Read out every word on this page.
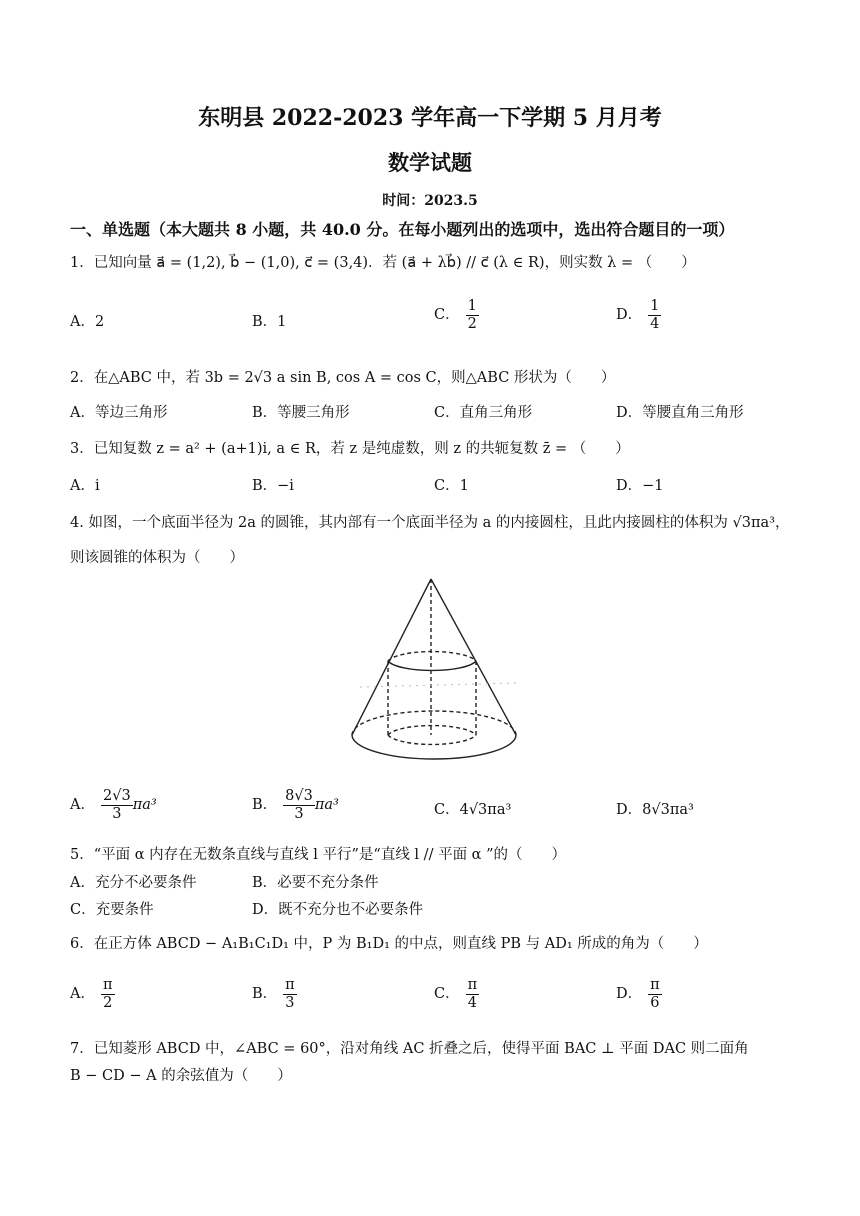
东明县 2022-2023 学年高一下学期 5 月月考
数学试题
时间：2023.5
一、单选题（本大题共 8 小题，共 40.0 分。在每小题列出的选项中，选出符合题目的一项）
1．已知向量 a⃗ = (1,2), b⃗ − (1,0), c⃗ = (3,4)．若 (a⃗ + λb⃗) // c⃗ (λ ∈ R)，则实数 λ = （　　）
A．2	B．1	C． $\frac{1}{2}$	D． $\frac{1}{4}$
2．在△ABC 中，若 3b = 2√3 a sin B, cos A = cos C，则△ABC 形状为（　　）
A．等边三角形	B．等腰三角形	C．直角三角形	D．等腰直角三角形
3．已知复数 z = a² + (a+1)i, a ∈ R，若 z 是纯虚数，则 z 的共轭复数 z̄ = （　　）
A．i	B．−i	C．1	D．−1
4. 如图，一个底面半径为 2a 的圆锥，其内部有一个底面半径为 a 的内接圆柱，且此内接圆柱的体积为 √3πa³，
则该圆锥的体积为（　　）
A． $\frac{2√3}{3} \pi a^3$	B． $\frac{8√3}{3} \pi a^3$	C．4√3πa³	D．8√3πa³
5．“平面 α 内存在无数条直线与直线 l 平行”是“直线 l // 平面 α ”的（　　）
A．充分不必要条件	B．必要不充分条件
C．充要条件	D．既不充分也不必要条件
6．在正方体 ABCD − A₁B₁C₁D₁ 中，P 为 B₁D₁ 的中点，则直线 PB 与 AD₁ 所成的角为（　　）
A． $\frac{\pi}{2}$	B． $\frac{\pi}{3}$	C． $\frac{\pi}{4}$	D． $\frac{\pi}{6}$
7．已知菱形 ABCD 中，∠ABC = 60°，沿对角线 AC 折叠之后，使得平面 BAC ⊥ 平面 DAC 则二面角
B − CD − A 的余弦值为（　　）
